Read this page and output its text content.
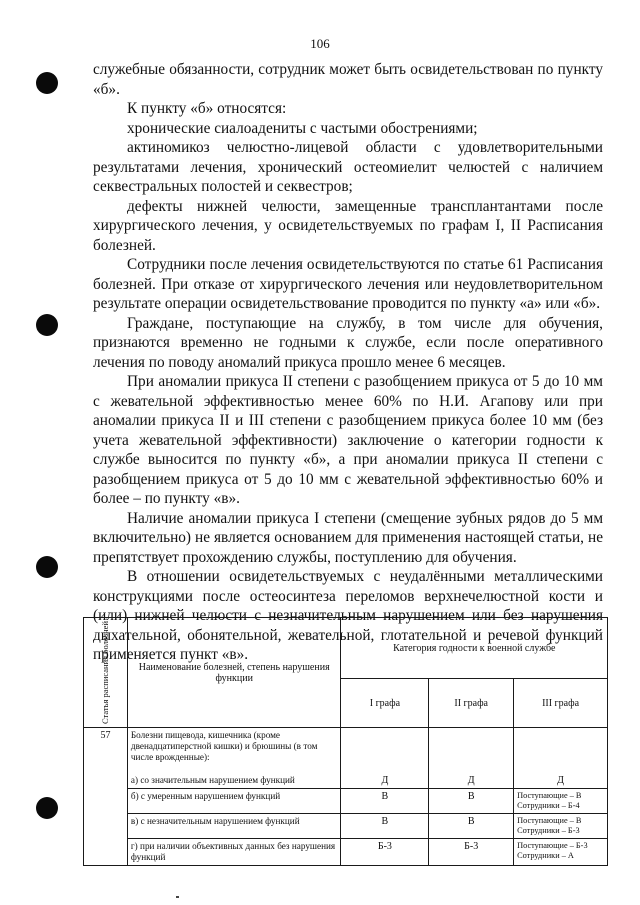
106

служебные обязанности, сотрудник может быть освидетельствован по пункту «б».

К пункту «б» относятся:

хронические сиалоадениты с частыми обострениями;

актиномикоз челюстно-лицевой области с удовлетворительными результатами лечения, хронический остеомиелит челюстей с наличием секвестральных полостей и секвестров;

дефекты нижней челюсти, замещенные трансплантантами после хирургического лечения, у освидетельствуемых по графам I, II Расписания болезней.

Сотрудники после лечения освидетельствуются по статье 61 Расписания болезней. При отказе от хирургического лечения или неудовлетворительном результате операции освидетельствование проводится по пункту «а» или «б».

Граждане, поступающие на службу, в том числе для обучения, признаются временно не годными к службе, если после оперативного лечения по поводу аномалий прикуса прошло менее 6 месяцев.

При аномалии прикуса II степени с разобщением прикуса от 5 до 10 мм с жевательной эффективностью менее 60% по Н.И. Агапову или при аномалии прикуса II и III степени с разобщением прикуса более 10 мм (без учета жевательной эффективности) заключение о категории годности к службе выносится по пункту «б», а при аномалии прикуса II степени с разобщением прикуса от 5 до 10 мм с жевательной эффективностью 60% и более – по пункту «в».

Наличие аномалии прикуса I степени (смещение зубных рядов до 5 мм включительно) не является основанием для применения настоящей статьи, не препятствует прохождению службы, поступлению для обучения.

В отношении освидетельствуемых с неудалёнными металлическими конструкциями после остеосинтеза переломов верхнечелюстной кости и (или) нижней челюсти с незначительным нарушением или без нарушения дыхательной, обонятельной, жевательной, глотательной и речевой функций применяется пункт «в».

Статья расписания болезней	Наименование болезней, степень нарушения функции	Категория годности к военной службе		
		I графа	II графа	III графа
57	Болезни пищевода, кишечника (кроме двенадцатиперстной кишки) и брюшины (в том числе врожденные):			
	а) со значительным нарушением функций	Д	Д	Д
	б) с умеренным нарушением функций	В	В	Поступающие – В
Сотрудники – Б-4

	в) с незначительным нарушением функций	В	В	Поступающие – В
Сотрудники – Б-3

	г) при наличии объективных данных без нарушения функций	Б-3	Б-3	Поступающие – Б-3
Сотрудники – А
